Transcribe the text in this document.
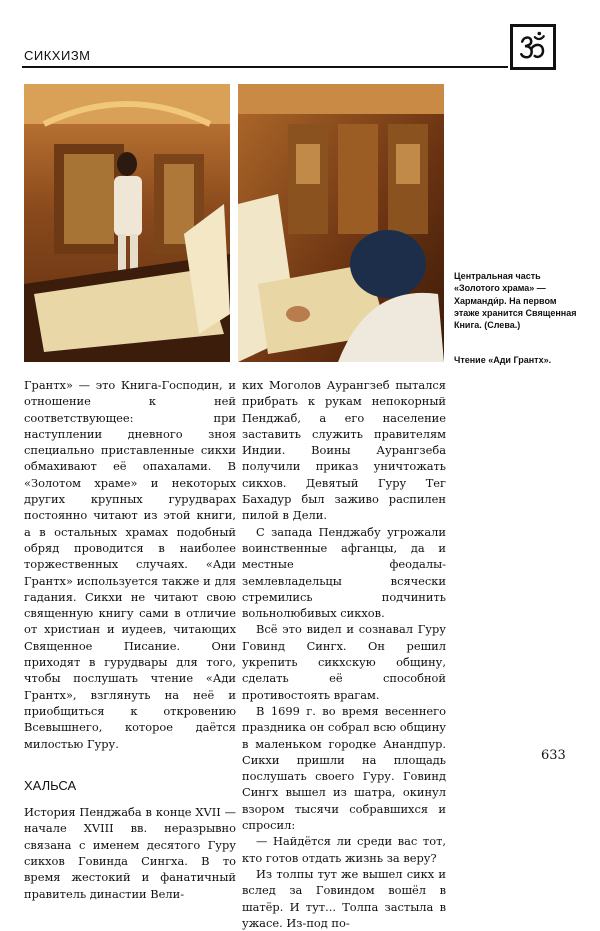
СИКХИЗМ
Центральная часть «Золотого храма» — Харманди́р. На первом этаже хранится Священная Книга. (Слева.)
Чтение «Ади Грантх».

Грантх» — это Книга-Господин, и отношение к ней соответствующее: при наступлении дневного зноя специально приставленные сикхи обмахивают её опахалами. В «Золотом храме» и некоторых других крупных гурудварах постоянно читают из этой книги, а в остальных храмах подобный обряд проводится в наиболее торжественных случаях. «Ади Грантх» используется также и для гадания. Сикхи не читают свою священную книгу сами в отличие от христиан и иудеев, читающих Священное Писание. Они приходят в гурудвары для того, чтобы послушать чтение «Ади Грантх», взглянуть на неё и приобщиться к откровению Всевышнего, которое даётся милостью Гуру.

ХАЛЬСА

История Пенджаба в конце XVII — начале XVIII вв. неразрывно связана с именем десятого Гуру сикхов Говинда Сингха. В то время жестокий и фанатичный правитель династии Вели-

ких Моголов Аурангзеб пытался прибрать к рукам непокорный Пенджаб, а его население заставить служить правителям Индии. Воины Аурангзеба получили приказ уничтожать сикхов. Девятый Гуру Тег Бахадур был заживо распилен пилой в Дели.

С запада Пенджабу угрожали воинственные афганцы, да и местные феодалы-землевладельцы всячески стремились подчинить вольнолюбивых сикхов.

Всё это видел и сознавал Гуру Говинд Сингх. Он решил укрепить сикхскую общину, сделать её способной противостоять врагам.

В 1699 г. во время весеннего праздника он собрал всю общину в маленьком городке Анандпур. Сикхи пришли на площадь послушать своего Гуру. Говинд Сингх вышел из шатра, окинул взором тысячи собравшихся и спросил:

— Найдётся ли среди вас тот, кто готов отдать жизнь за веру?

Из толпы тут же вышел сикх и вслед за Говиндом вошёл в шатёр. И тут... Толпа застыла в ужасе. Из-под по-

633
